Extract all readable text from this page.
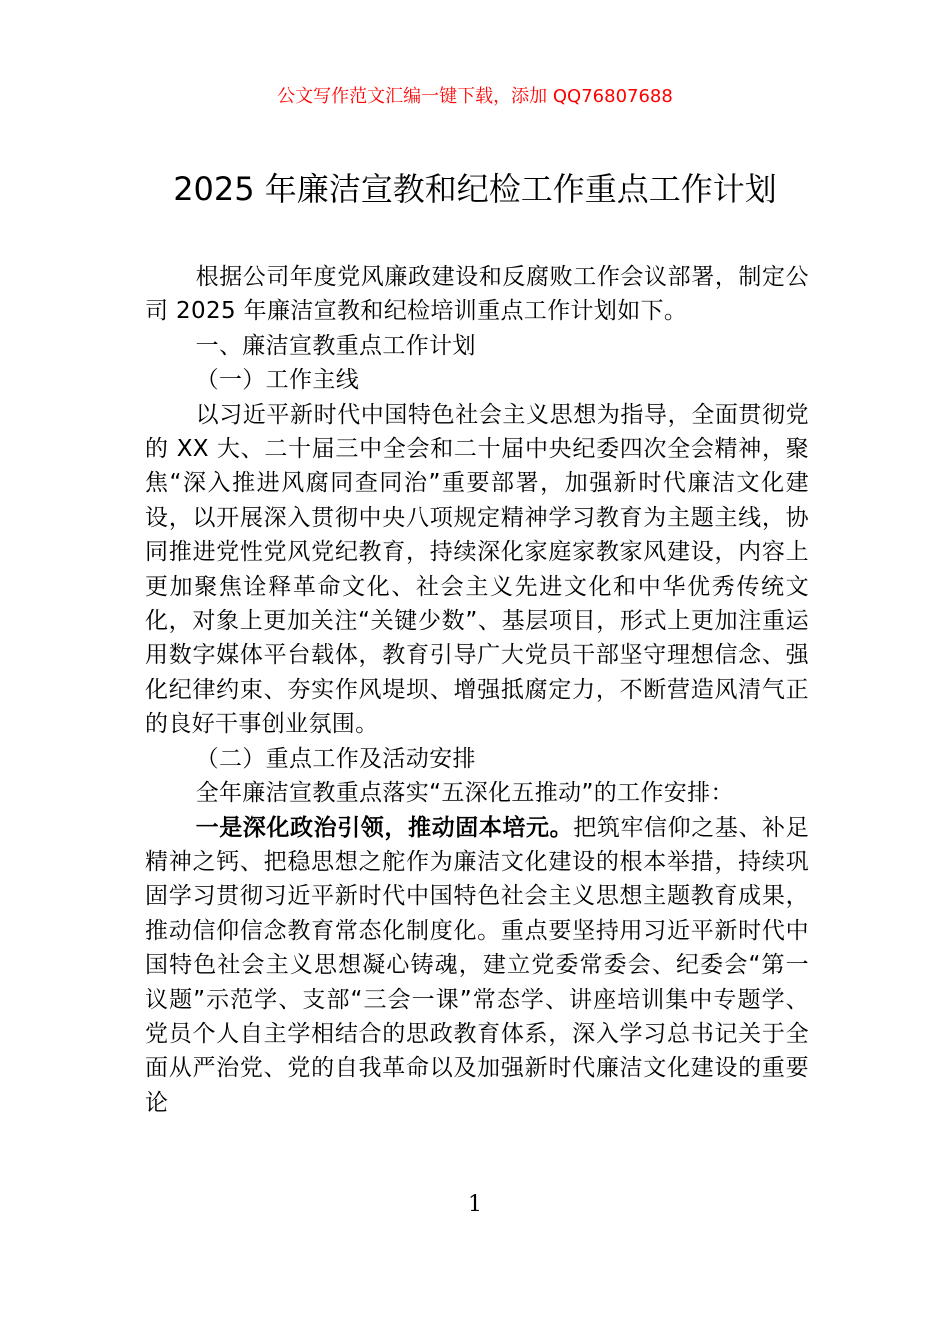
公文写作范文汇编一键下载，添加 QQ76807688
2025 年廉洁宣教和纪检工作重点工作计划

根据公司年度党风廉政建设和反腐败工作会议部署，制定公司 2025 年廉洁宣教和纪检培训重点工作计划如下。

一、廉洁宣教重点工作计划

（一）工作主线

以习近平新时代中国特色社会主义思想为指导，全面贯彻党的 XX 大、二十届三中全会和二十届中央纪委四次全会精神，聚焦“深入推进风腐同查同治”重要部署，加强新时代廉洁文化建设，以开展深入贯彻中央八项规定精神学习教育为主题主线，协同推进党性党风党纪教育，持续深化家庭家教家风建设，内容上更加聚焦诠释革命文化、社会主义先进文化和中华优秀传统文化，对象上更加关注“关键少数”、基层项目，形式上更加注重运用数字媒体平台载体，教育引导广大党员干部坚守理想信念、强化纪律约束、夯实作风堤坝、增强抵腐定力，不断营造风清气正的良好干事创业氛围。

（二）重点工作及活动安排

全年廉洁宣教重点落实“五深化五推动”的工作安排：

一是深化政治引领，推动固本培元。把筑牢信仰之基、补足精神之钙、把稳思想之舵作为廉洁文化建设的根本举措，持续巩固学习贯彻习近平新时代中国特色社会主义思想主题教育成果，推动信仰信念教育常态化制度化。重点要坚持用习近平新时代中国特色社会主义思想凝心铸魂，建立党委常委会、纪委会“第一议题”示范学、支部“三会一课”常态学、讲座培训集中专题学、党员个人自主学相结合的思政教育体系，深入学习总书记关于全面从严治党、党的自我革命以及加强新时代廉洁文化建设的重要论

1
